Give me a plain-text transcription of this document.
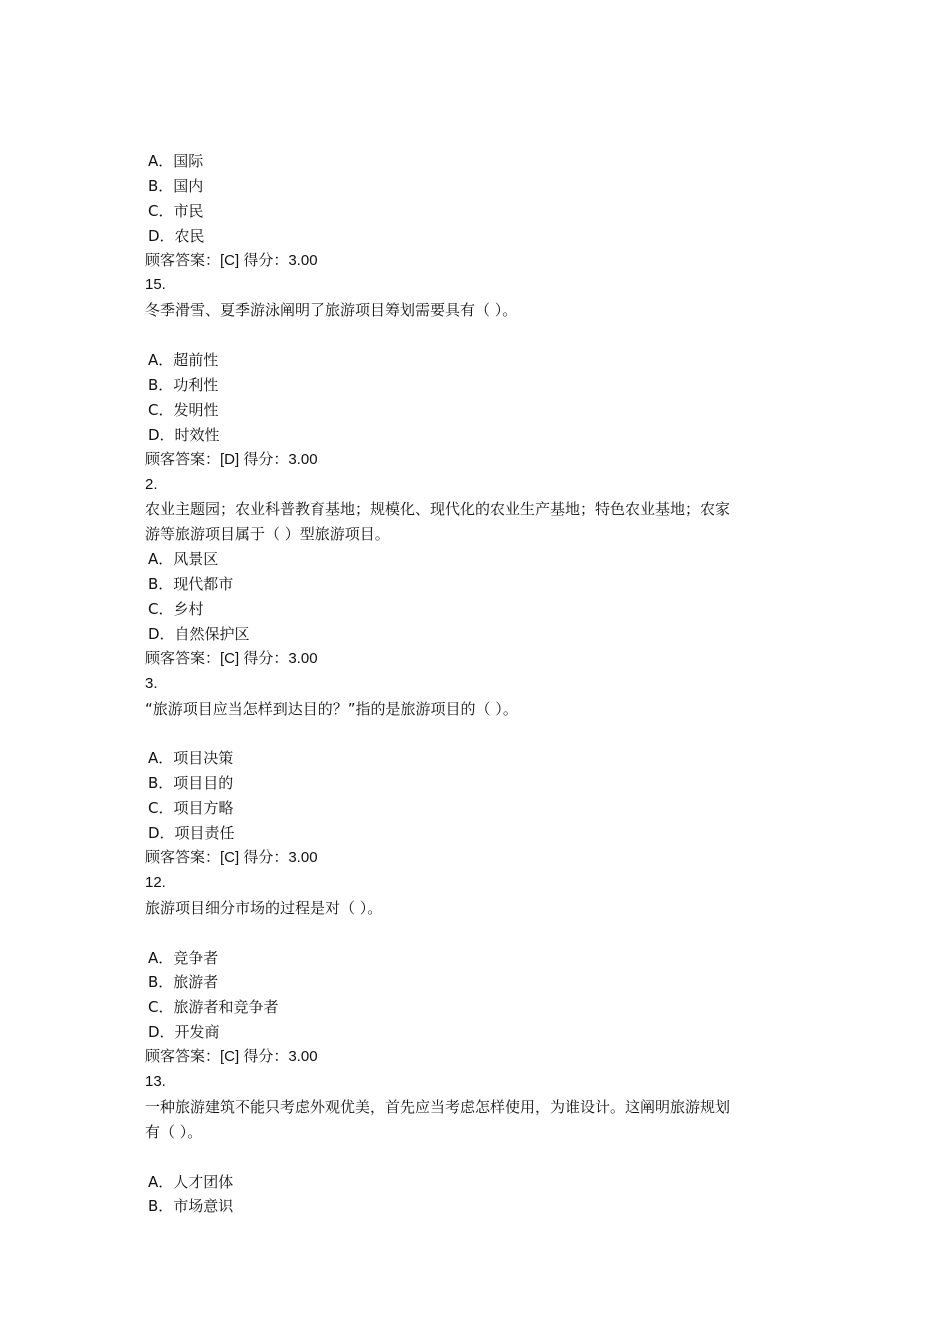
A．国际
B．国内
C．市民
D．农民
顾客答案：[C] 得分：3.00
15.
冬季滑雪、夏季游泳阐明了旅游项目筹划需要具有（ ）。
A．超前性
B．功利性
C．发明性
D．时效性
顾客答案：[D] 得分：3.00
2.
农业主题园；农业科普教育基地；规模化、现代化的农业生产基地；特色农业基地；农家
游等旅游项目属于（ ）型旅游项目。
A．风景区
B．现代都市
C．乡村
D．自然保护区
顾客答案：[C] 得分：3.00
3.
“旅游项目应当怎样到达目的？”指的是旅游项目的（ ）。
A．项目决策
B．项目目的
C．项目方略
D．项目责任
顾客答案：[C] 得分：3.00
12.
旅游项目细分市场的过程是对（ ）。
A．竞争者
B．旅游者
C．旅游者和竞争者
D．开发商
顾客答案：[C] 得分：3.00
13.
一种旅游建筑不能只考虑外观优美，首先应当考虑怎样使用，为谁设计。这阐明旅游规划
有（ ）。
A．人才团体
B．市场意识
